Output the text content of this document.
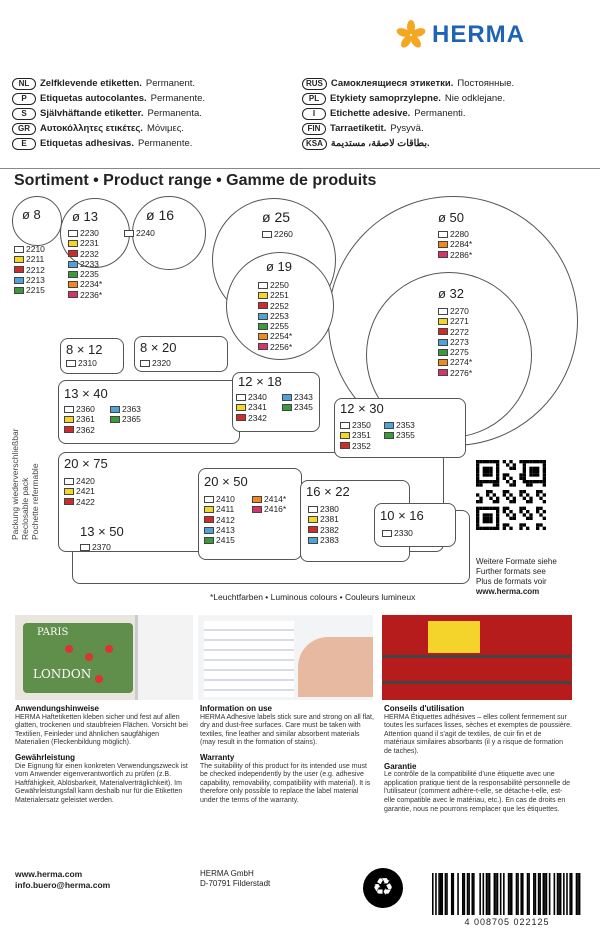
HERMA
NL	Zelfklevende etiketten. Permanent.
P	Etiquetas autocolantes. Permanente.
S	Självhäftande etiketter. Permanenta.
GR	Αυτοκόλλητες ετικέτες. Μόνιμες.
E	Etiquetas adhesivas. Permanente.
RUS Самоклеящиеся этикетки. Постоянные.
PL	Etykiety samoprzylepne. Nie odklejane.
I	Etichette adesive. Permanenti.
FIN	Tarraetiketit. Pysyvä.
KSA بطاقات لاصقة، مستديمة.
Sortiment • Product range • Gamme de produits
ø 8
2210
2211
2212
2213
2215
ø 13
2230
2231
2232
2233
2235
2234*
2236*
ø 16
2240
ø 25
2260
ø 19
2250
2251
2252
2253
2255
2254*
2256*
ø 50
2280
2284*
2286*
ø 32
2270
2271
2272
2273
2275
2274*
2276*
8 × 12
2310
8 × 20
2320
13 × 40
2360
2361
2362
2363
2365
12 × 18
2340
2341
2342
2343
2345 12 × 30
2350
2351
2352
2353
2355
20 × 75
2420
2421
2422
20 × 50
2410
2411
2412
2413
2415
2414*
2416*
16 × 22
2380
2381
2382
2383
10 × 16
2330
13 × 50
2370
Packung wiederverschließbar Reclosable pack Pochette refermable
Weitere Formate siehe
Further formats see
Plus de formats voir
www.herma.com
*Leuchtfarben • Luminous colours • Couleurs lumineux
PARIS
LONDON
Anwendungshinweise
HERMA Haftetiketten kleben sicher und fest auf allen glatten, trockenen und staubfreien Flächen. Vorsicht bei Textilien, Feinleder und ähnlichen saugfähigen Materialien (Fleckenbildung möglich).
Gewährleistung
Die Eignung für einen konkreten Verwendungszweck ist vom Anwender eigenverantwortlich zu prüfen (z.B. Haftfähigkeit, Ablösbarkeit, Materialverträglichkeit). Im Gewährleistungsfall kann deshalb nur für die Etiketten Materialersatz geleistet werden.
Information on use
HERMA Adhesive labels stick sure and strong on all flat, dry and dust-free surfaces. Care must be taken with textiles, fine leather and similar absorbent materials (may result in the formation of stains).
Warranty
The suitability of this product for its intended use must be checked independently by the user (e.g. adhesive capability, removability, compatibility with material). It is therefore only possible to replace the label material under the terms of the warranty.
Conseils d'utilisation
HERMA Étiquettes adhésives – elles collent fermement sur toutes les surfaces lisses, sèches et exemptes de poussière. Attention quand il s'agit de textiles, de cuir fin et de matériaux similaires absorbants (il y a risque de formation de taches).
Garantie
Le contrôle de la compatibilité d'une étiquette avec une application pratique tient de la responsabilité personnelle de l'utilisateur (comment adhère-t-elle, se détache-t-elle, est-elle compatible avec le matériau, etc.). En cas de droits en garantie, nous ne pourrons remplacer que les étiquettes.
www.herma.com
info.buero@herma.com
HERMA GmbH
D-70791 Filderstadt	♻
4 008705 022125
